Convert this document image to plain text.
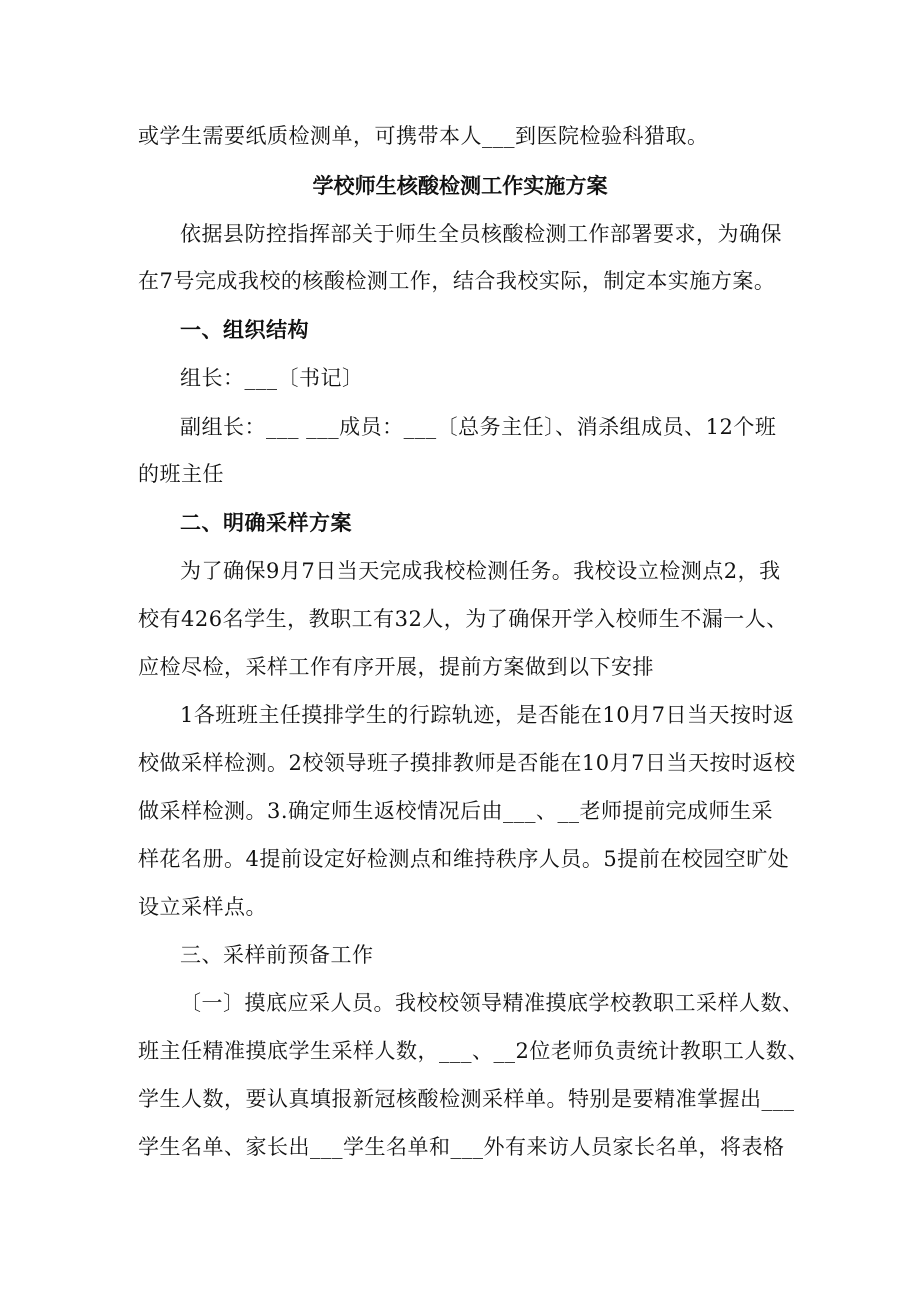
或学生需要纸质检测单，可携带本人___到医院检验科猎取。
学校师生核酸检测工作实施方案
依据县防控指挥部关于师生全员核酸检测工作部署要求，为确保
在7号完成我校的核酸检测工作，结合我校实际，制定本实施方案。
一、组织结构
组长：___〔书记〕
副组长：___ ___成员：___〔总务主任〕、消杀组成员、12个班
的班主任
二、明确采样方案
为了确保9月7日当天完成我校检测任务。我校设立检测点2，我
校有426名学生，教职工有32人，为了确保开学入校师生不漏一人、
应检尽检，采样工作有序开展，提前方案做到以下安排
1各班班主任摸排学生的行踪轨迹，是否能在10月7日当天按时返
校做采样检测。2校领导班子摸排教师是否能在10月7日当天按时返校
做采样检测。3.确定师生返校情况后由___、__老师提前完成师生采
样花名册。4提前设定好检测点和维持秩序人员。5提前在校园空旷处
设立采样点。
三、采样前预备工作
〔一〕摸底应采人员。我校校领导精准摸底学校教职工采样人数、
班主任精准摸底学生采样人数，___、__2位老师负责统计教职工人数、
学生人数，要认真填报新冠核酸检测采样单。特别是要精准掌握出___
学生名单、家长出___学生名单和___外有来访人员家长名单，将表格
